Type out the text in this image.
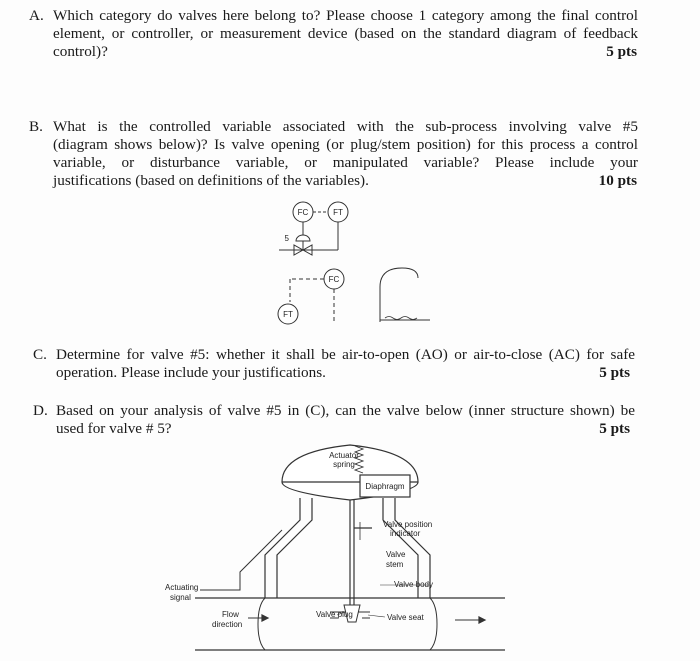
A. Which category do valves here belong to? Please choose 1 category among the final control
element, or controller, or measurement device (based on the standard diagram of feedback
control)?	5 pts
B. What is the controlled variable associated with the sub-process involving valve #5
(diagram shows below)? Is valve opening (or plug/stem position) for this process a control
variable, or disturbance variable, or manipulated variable? Please include your
justifications (based on definitions of the variables).	10 pts
FC	FT
5
FC
FT
C. Determine for valve #5: whether it shall be air-to-open (AO) or air-to-close (AC) for safe
operation. Please include your justifications.	5 pts
D. Based on your analysis of valve #5 in (C), can the valve below (inner structure shown) be
used for valve # 5?	5 pts
Actuator
spring
Diaphragm
Valve position
indicator
Valve
stem
Valve body
Actuating
signal
Flow
direction
Valve plug	Valve seat
